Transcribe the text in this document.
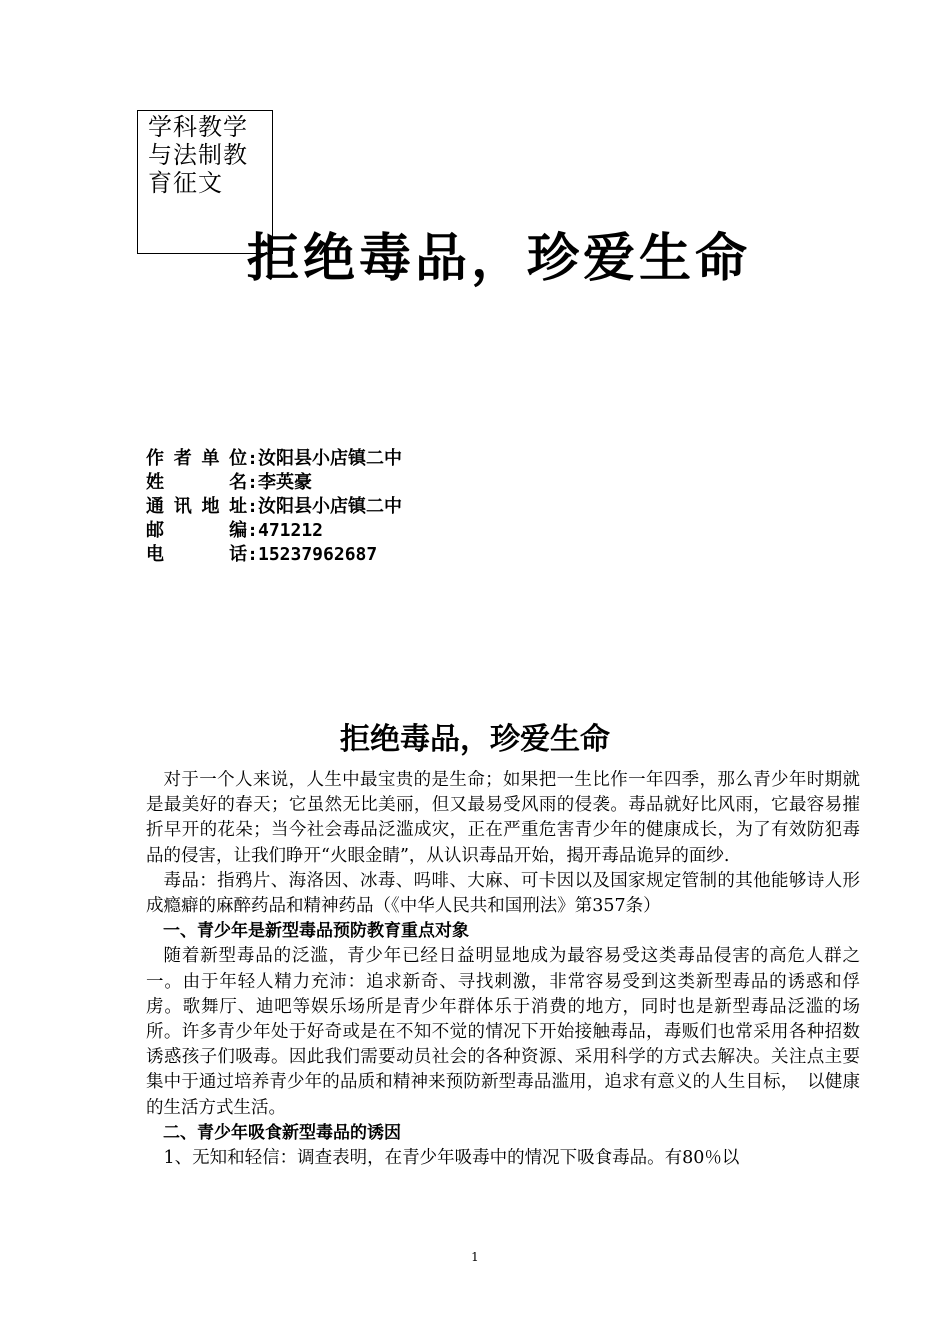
学科教学
与法制教
育征文
拒绝毒品，珍爱生命
作 者 单 位: 汝阳县小店镇二中
姓	名: 李英豪
通 讯 地 址: 汝阳县小店镇二中
邮	编: 471212
电	话: 15237962687
拒绝毒品，珍爱生命

对于一个人来说，人生中最宝贵的是生命；如果把一生比作一年四季，那么青少年时期就是最美好的春天；它虽然无比美丽，但又最易受风雨的侵袭。毒品就好比风雨，它最容易摧折早开的花朵；当今社会毒品泛滥成灾，正在严重危害青少年的健康成长，为了有效防犯毒品的侵害，让我们睁开“火眼金睛”，从认识毒品开始，揭开毒品诡异的面纱.

毒品：指鸦片、海洛因、冰毒、吗啡、大麻、可卡因以及国家规定管制的其他能够诗人形成瘾癖的麻醉药品和精神药品（《中华人民共和国刑法》第357条）

一、青少年是新型毒品预防教育重点对象

随着新型毒品的泛滥，青少年已经日益明显地成为最容易受这类毒品侵害的高危人群之一。由于年轻人精力充沛：追求新奇、寻找刺激，非常容易受到这类新型毒品的诱惑和俘虏。歌舞厅、迪吧等娱乐场所是青少年群体乐于消费的地方，同时也是新型毒品泛滥的场所。许多青少年处于好奇或是在不知不觉的情况下开始接触毒品，毒贩们也常采用各种招数诱惑孩子们吸毒。因此我们需要动员社会的各种资源、采用科学的方式去解决。关注点主要集中于通过培养青少年的品质和精神来预防新型毒品滥用，追求有意义的人生目标，　以健康的生活方式生活。

二、青少年吸食新型毒品的诱因

1、无知和轻信：调查表明，在青少年吸毒中的情况下吸食毒品。有80％以

1
